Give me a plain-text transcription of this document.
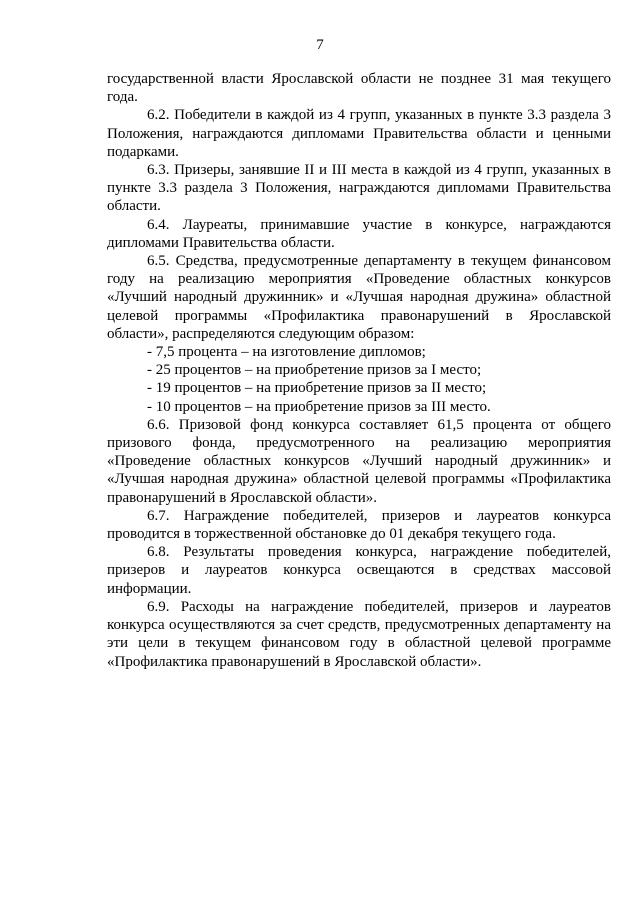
7

государственной власти Ярославской области не позднее 31 мая текущего года.

6.2. Победители в каждой из 4 групп, указанных в пункте 3.3 раздела 3 Положения, награждаются дипломами Правительства области и ценными подарками.

6.3. Призеры, занявшие II и III места в каждой из 4 групп, указанных в пункте 3.3 раздела 3 Положения, награждаются дипломами Правительства области.

6.4. Лауреаты, принимавшие участие в конкурсе, награждаются дипломами Правительства области.

6.5. Средства, предусмотренные департаменту в текущем финансовом году на реализацию мероприятия «Проведение областных конкурсов «Лучший народный дружинник» и «Лучшая народная дружина» областной целевой программы «Профилактика правонарушений в Ярославской области», распределяются следующим образом:

- 7,5 процента – на изготовление дипломов;

- 25 процентов – на приобретение призов за I место;

- 19 процентов – на приобретение призов за II место;

- 10 процентов – на приобретение призов за III место.

6.6. Призовой фонд конкурса составляет 61,5 процента от общего призового фонда, предусмотренного на реализацию мероприятия «Проведение областных конкурсов «Лучший народный дружинник» и «Лучшая народная дружина» областной целевой программы «Профилактика правонарушений в Ярославской области».

6.7. Награждение победителей, призеров и лауреатов конкурса проводится в торжественной обстановке до 01 декабря текущего года.

6.8. Результаты проведения конкурса, награждение победителей, призеров и лауреатов конкурса освещаются в средствах массовой информации.

6.9. Расходы на награждение победителей, призеров и лауреатов конкурса осуществляются за счет средств, предусмотренных департаменту на эти цели в текущем финансовом году в областной целевой программе «Профилактика правонарушений в Ярославской области».
